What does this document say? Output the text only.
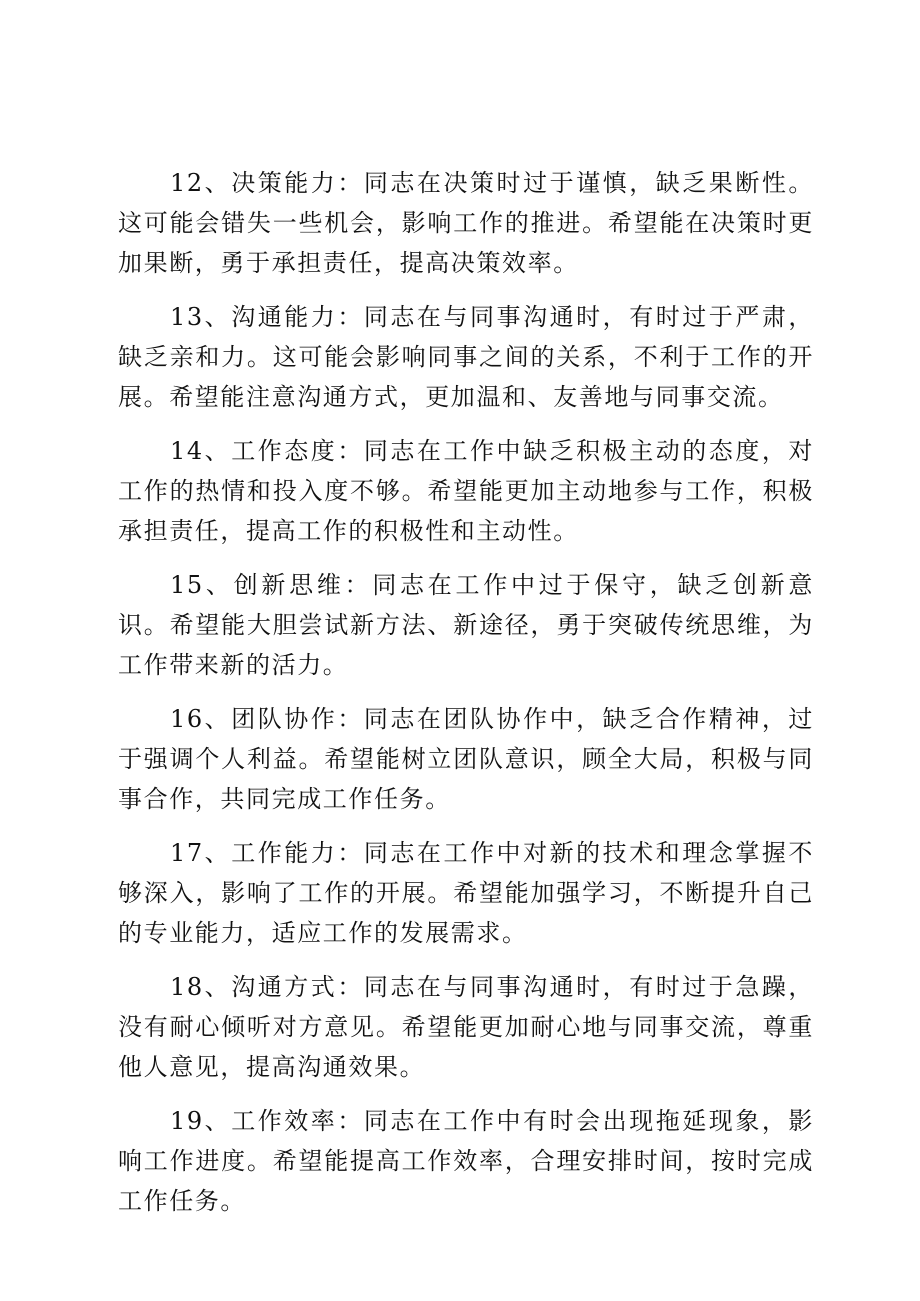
12、决策能力：同志在决策时过于谨慎，缺乏果断性。这可能会错失一些机会，影响工作的推进。希望能在决策时更加果断，勇于承担责任，提高决策效率。

13、沟通能力：同志在与同事沟通时，有时过于严肃，缺乏亲和力。这可能会影响同事之间的关系，不利于工作的开展。希望能注意沟通方式，更加温和、友善地与同事交流。

14、工作态度：同志在工作中缺乏积极主动的态度，对工作的热情和投入度不够。希望能更加主动地参与工作，积极承担责任，提高工作的积极性和主动性。

15、创新思维：同志在工作中过于保守，缺乏创新意识。希望能大胆尝试新方法、新途径，勇于突破传统思维，为工作带来新的活力。

16、团队协作：同志在团队协作中，缺乏合作精神，过于强调个人利益。希望能树立团队意识，顾全大局，积极与同事合作，共同完成工作任务。

17、工作能力：同志在工作中对新的技术和理念掌握不够深入，影响了工作的开展。希望能加强学习，不断提升自己的专业能力，适应工作的发展需求。

18、沟通方式：同志在与同事沟通时，有时过于急躁，没有耐心倾听对方意见。希望能更加耐心地与同事交流，尊重他人意见，提高沟通效果。

19、工作效率：同志在工作中有时会出现拖延现象，影响工作进度。希望能提高工作效率，合理安排时间，按时完成工作任务。
